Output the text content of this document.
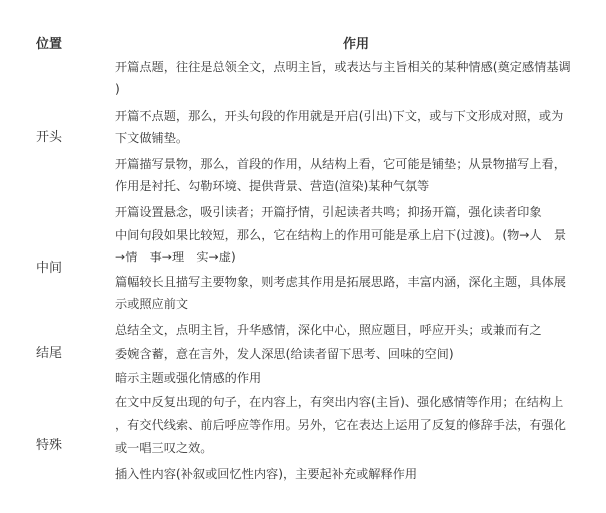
位置	作用
开头
中间
结尾
特殊
开篇点题，往往是总领全文，点明主旨，或表达与主旨相关的某种情感(奠定感情基调
)
开篇不点题，那么，开头句段的作用就是开启(引出)下文，或与下文形成对照，或为
下文做铺垫。
开篇描写景物，那么，首段的作用，从结构上看，它可能是铺垫；从景物描写上看，
作用是衬托、勾勒环境、提供背景、营造(渲染)某种气氛等
开篇设置悬念，吸引读者；开篇抒情，引起读者共鸣；抑扬开篇，强化读者印象
中间句段如果比较短，那么，它在结构上的作用可能是承上启下(过渡)。(物→人　景
→情　事→理　实→虚)
篇幅较长且描写主要物象，则考虑其作用是拓展思路，丰富内涵，深化主题，具体展
示或照应前文
总结全文，点明主旨，升华感情，深化中心，照应题目，呼应开头；或兼而有之
委婉含蓄，意在言外，发人深思(给读者留下思考、回味的空间)
暗示主题或强化情感的作用
在文中反复出现的句子，在内容上，有突出内容(主旨)、强化感情等作用；在结构上
，有交代线索、前后呼应等作用。另外，它在表达上运用了反复的修辞手法，有强化
或一唱三叹之效。
插入性内容(补叙或回忆性内容)，主要起补充或解释作用
